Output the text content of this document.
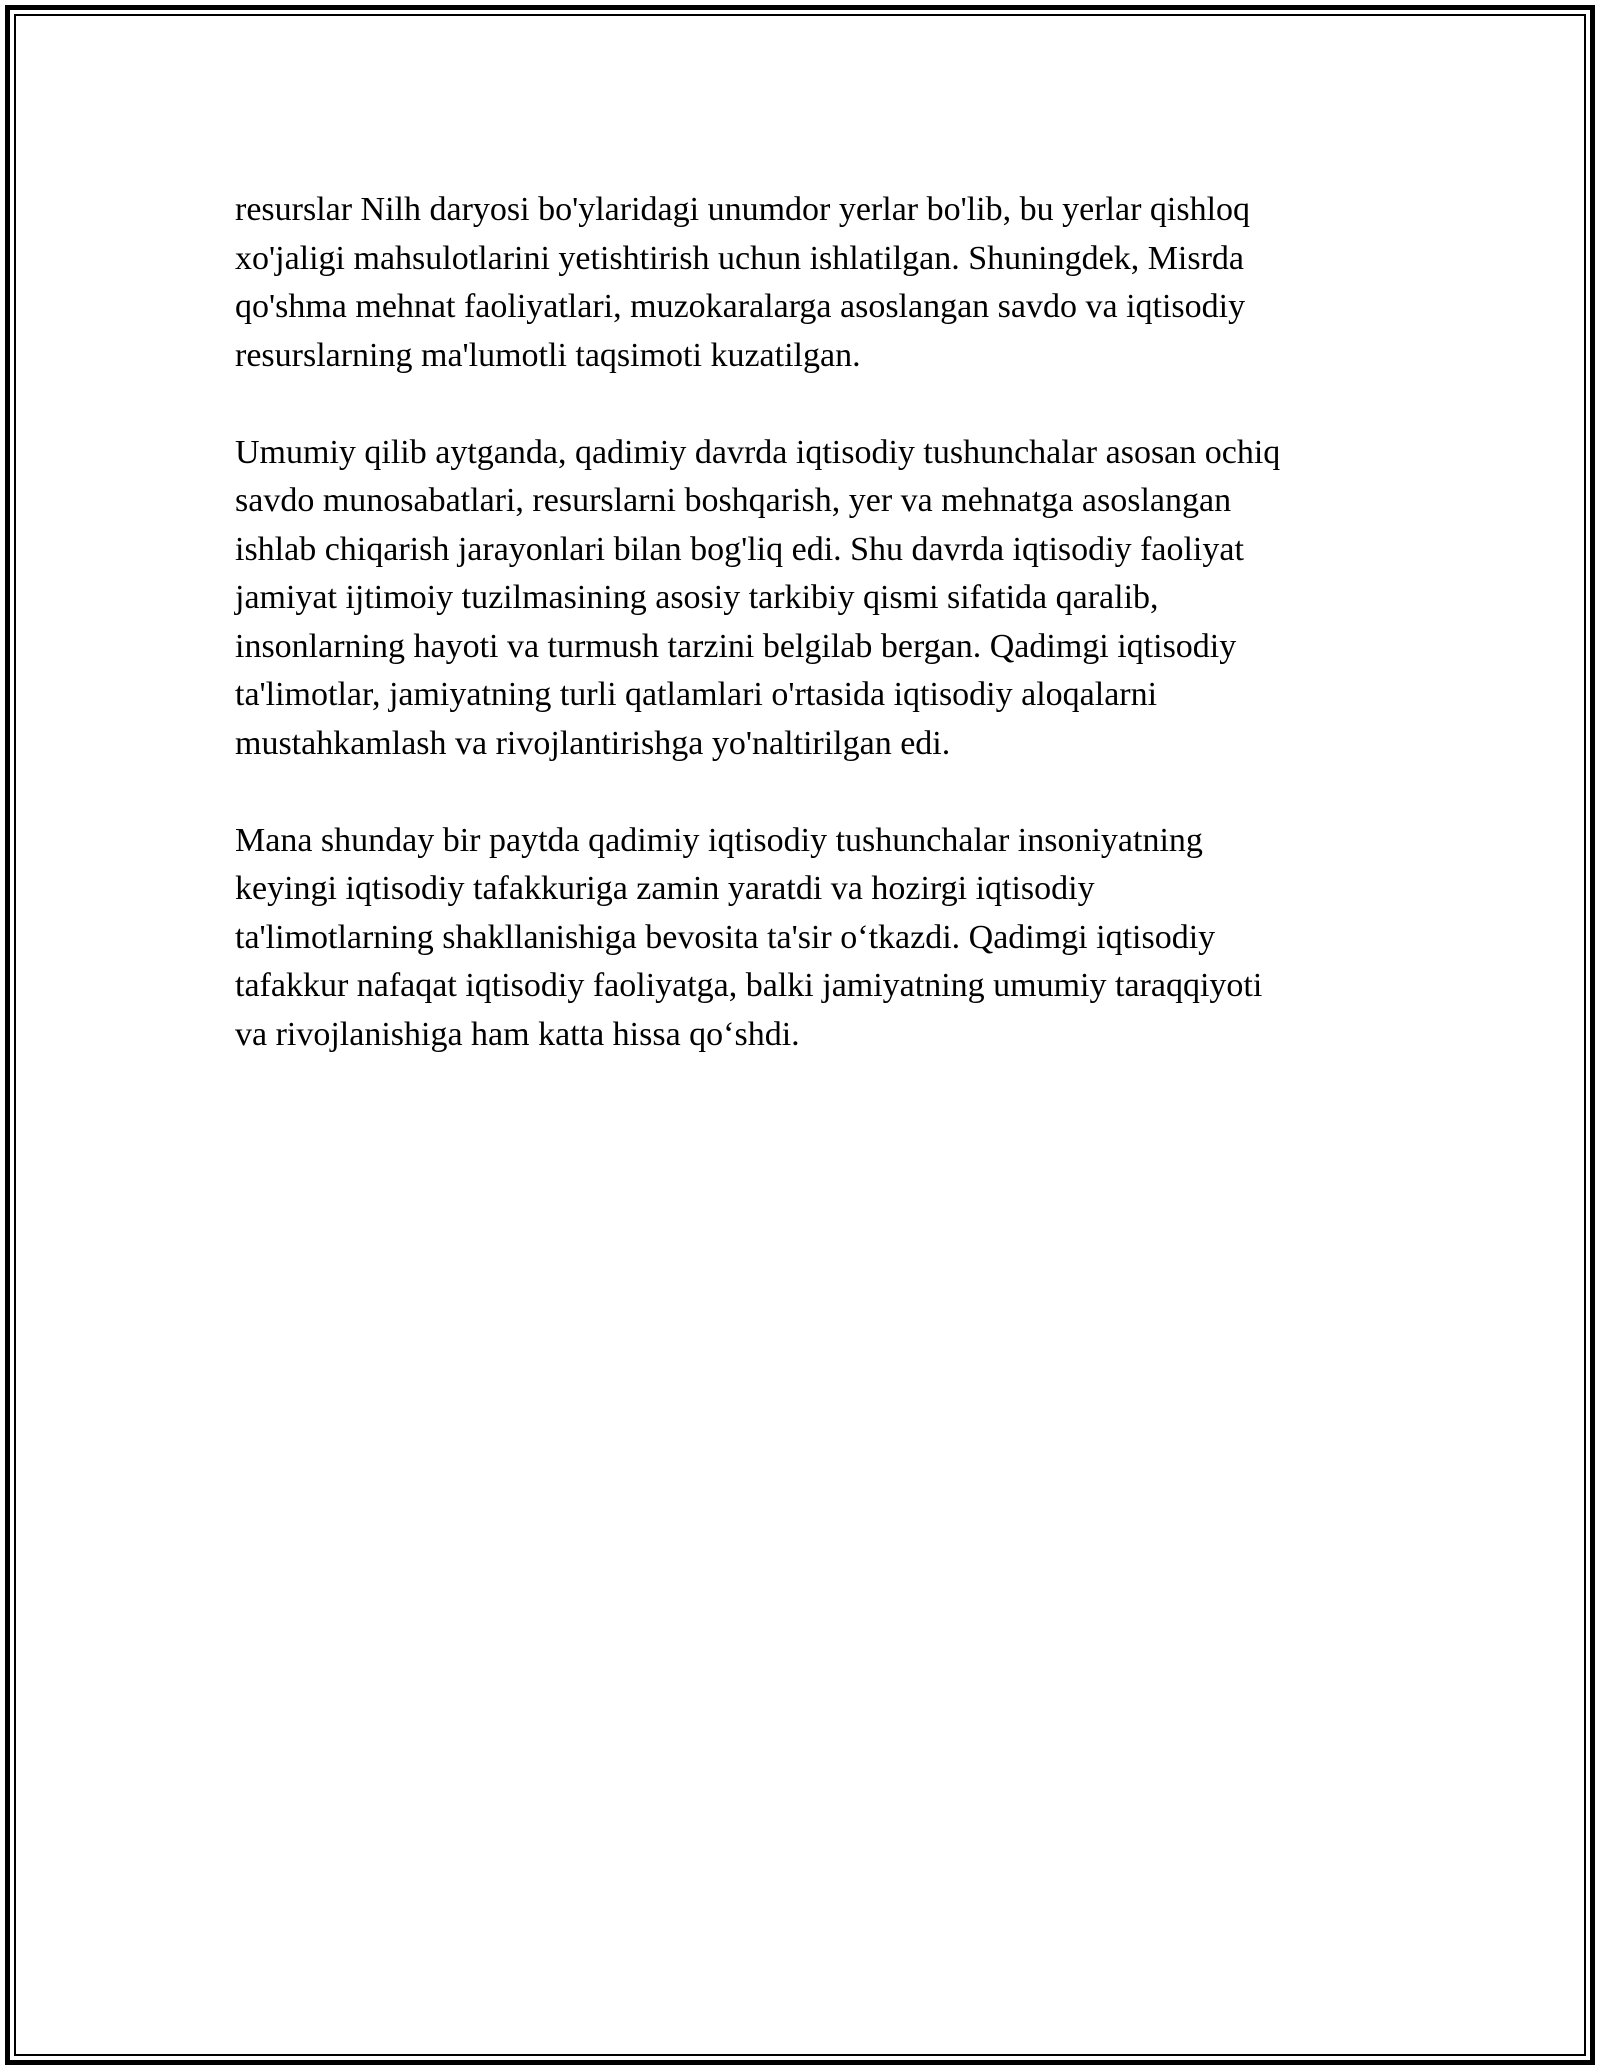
resurslar Nilh daryosi bo'ylaridagi unumdor yerlar bo'lib, bu yerlar qishloq
xo'jaligi mahsulotlarini yetishtirish uchun ishlatilgan. Shuningdek, Misrda
qo'shma mehnat faoliyatlari, muzokaralarga asoslangan savdo va iqtisodiy
resurslarning ma'lumotli taqsimoti kuzatilgan.

Umumiy qilib aytganda, qadimiy davrda iqtisodiy tushunchalar asosan ochiq
savdo munosabatlari, resurslarni boshqarish, yer va mehnatga asoslangan
ishlab chiqarish jarayonlari bilan bog'liq edi. Shu davrda iqtisodiy faoliyat
jamiyat ijtimoiy tuzilmasining asosiy tarkibiy qismi sifatida qaralib,
insonlarning hayoti va turmush tarzini belgilab bergan. Qadimgi iqtisodiy
ta'limotlar, jamiyatning turli qatlamlari o'rtasida iqtisodiy aloqalarni
mustahkamlash va rivojlantirishga yo'naltirilgan edi.

Mana shunday bir paytda qadimiy iqtisodiy tushunchalar insoniyatning
keyingi iqtisodiy tafakkuriga zamin yaratdi va hozirgi iqtisodiy
ta'limotlarning shakllanishiga bevosita ta'sir o‘tkazdi. Qadimgi iqtisodiy
tafakkur nafaqat iqtisodiy faoliyatga, balki jamiyatning umumiy taraqqiyoti
va rivojlanishiga ham katta hissa qo‘shdi.
